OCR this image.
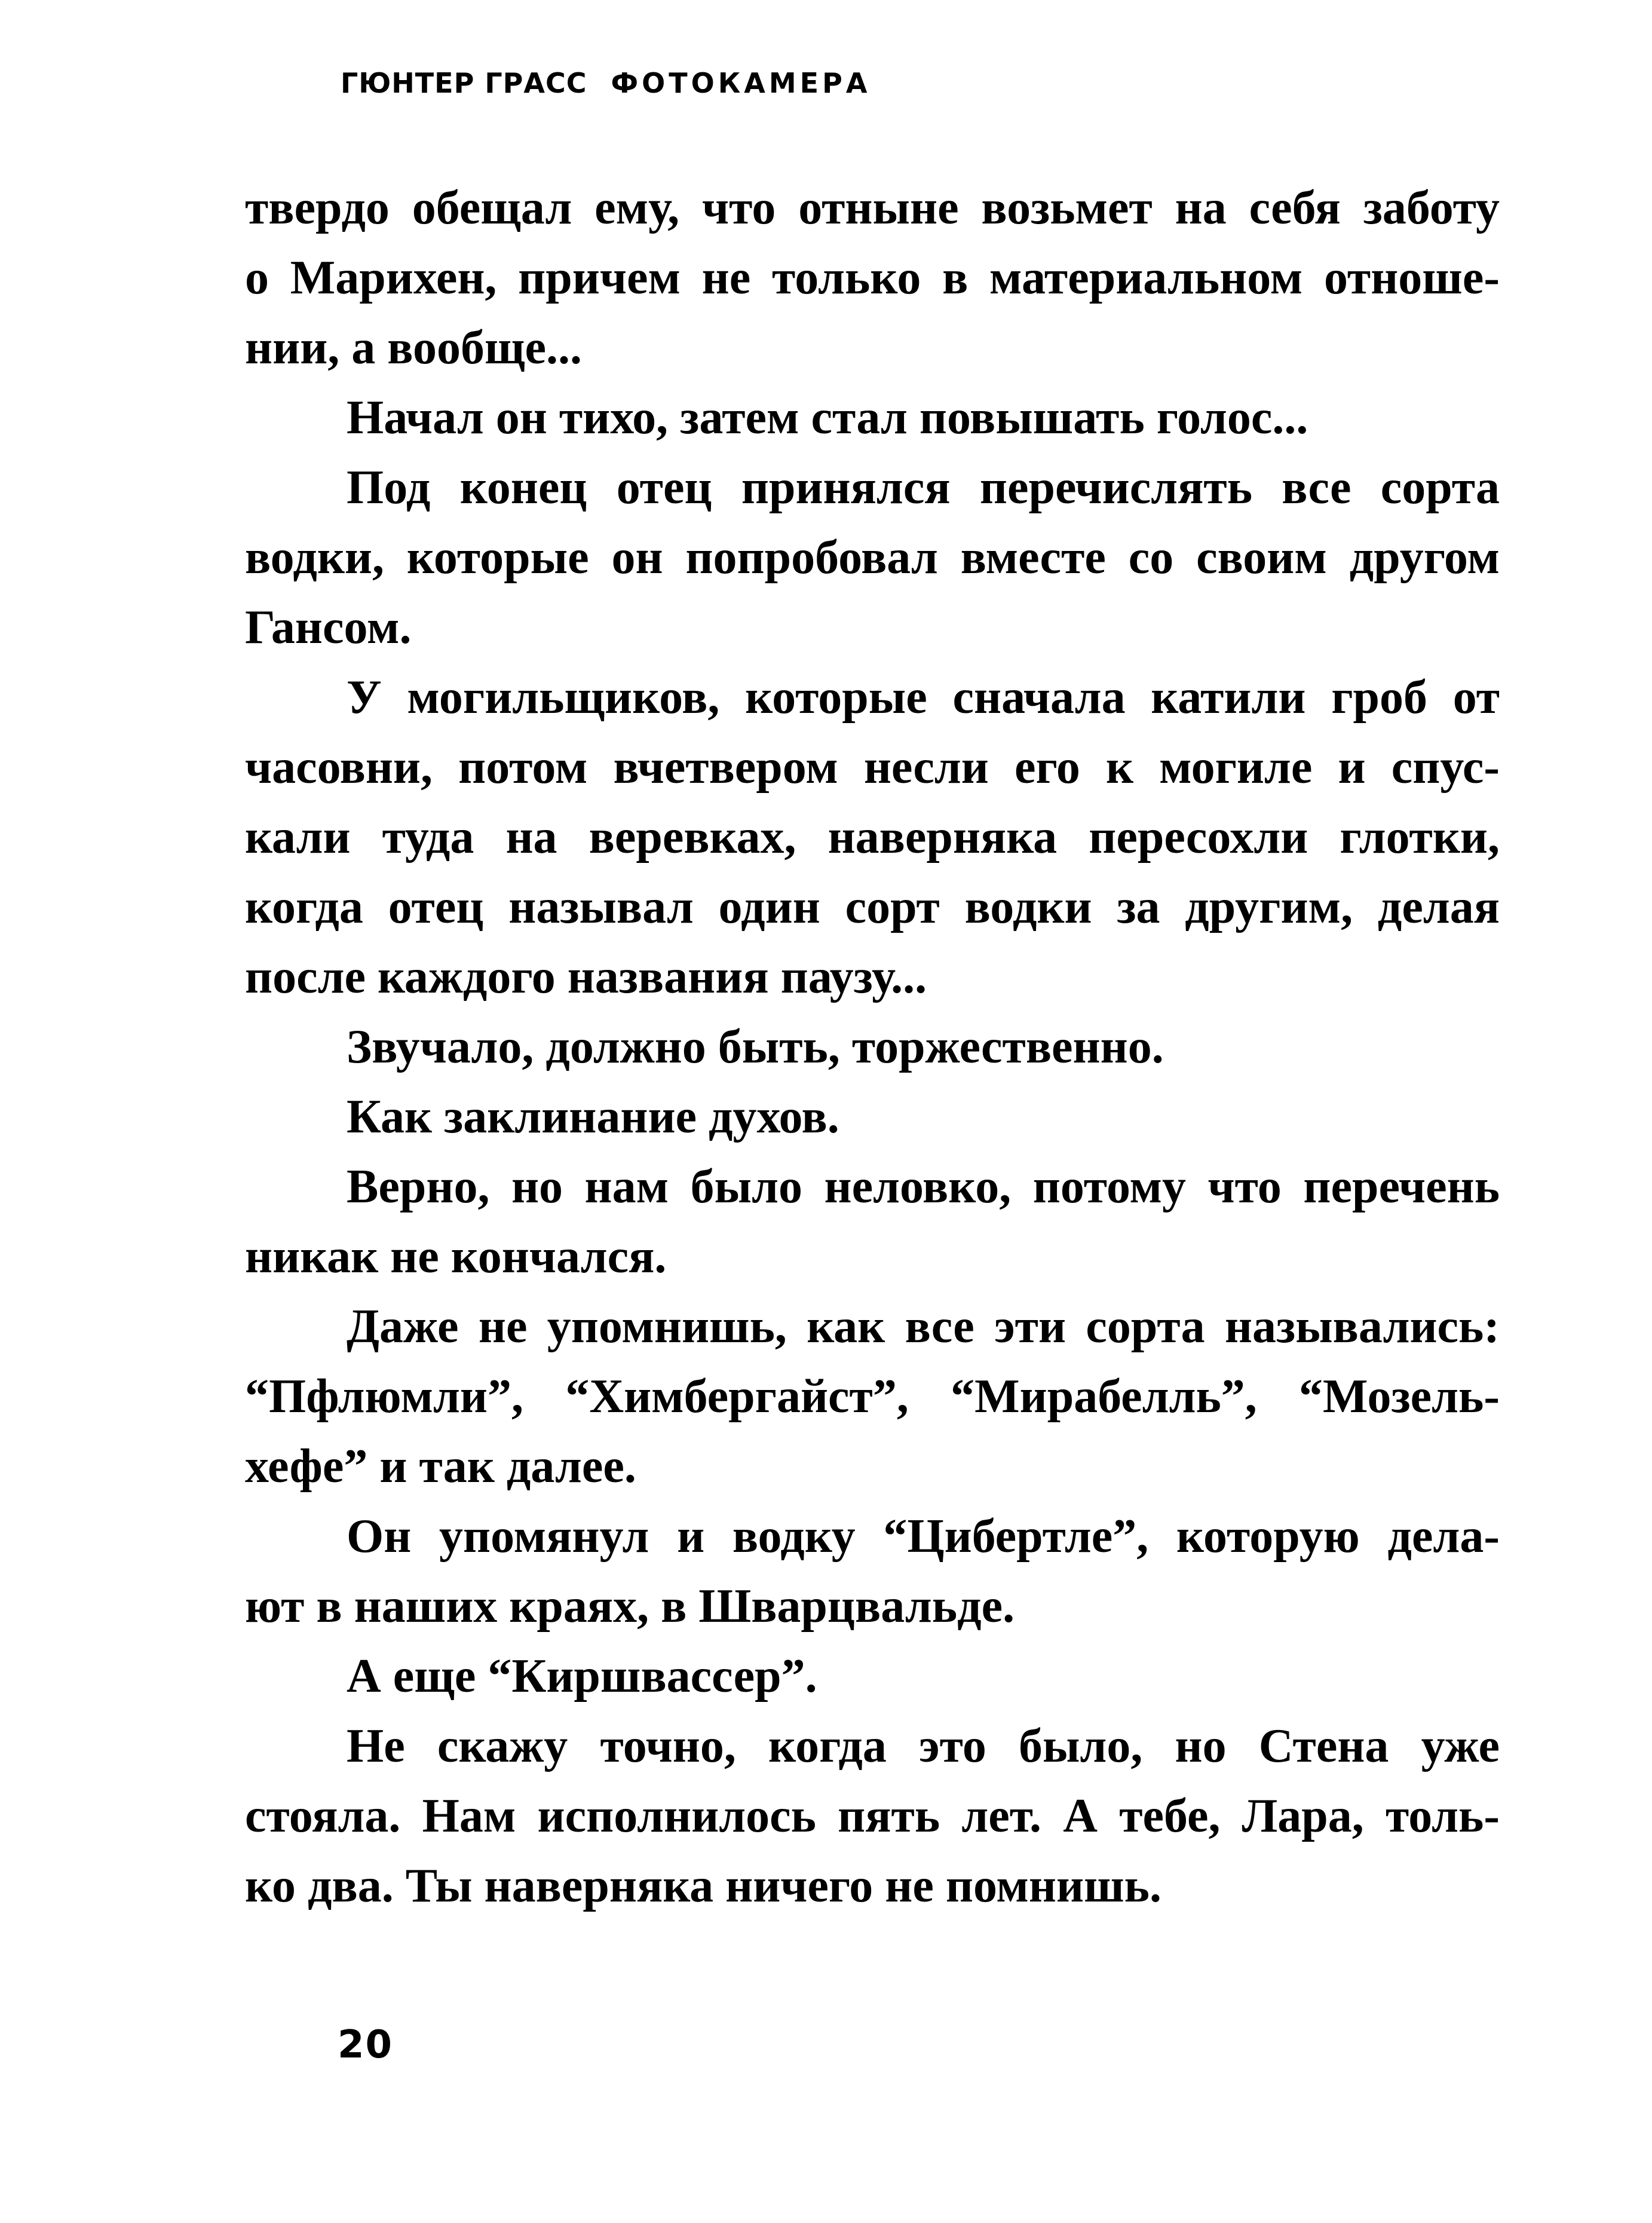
ГЮНТЕР ГРАСС ФОТОКАМЕРА
твердо обещал ему, что отныне возьмет на себя заботу
о Марихен, причем не только в материальном отноше-
нии, а вообще...
Начал он тихо, затем стал повышать голос...
Под конец отец принялся перечислять все сорта
водки, которые он попробовал вместе со своим другом
Гансом.
У могильщиков, которые сначала катили гроб от
часовни, потом вчетвером несли его к могиле и спус-
кали туда на веревках, наверняка пересохли глотки,
когда отец называл один сорт водки за другим, делая
после каждого названия паузу...
Звучало, должно быть, торжественно.
Как заклинание духов.
Верно, но нам было неловко, потому что перечень
никак не кончался.
Даже не упомнишь, как все эти сорта назывались:
“Пфлюмли”, “Химбергайст”, “Мирабелль”, “Мозель-
хефе” и так далее.
Он упомянул и водку “Цибертле”, которую дела-
ют в наших краях, в Шварцвальде.
А еще “Киршвассер”.
Не скажу точно, когда это было, но Стена уже
стояла. Нам исполнилось пять лет. А тебе, Лара, толь-
ко два. Ты наверняка ничего не помнишь.
20
